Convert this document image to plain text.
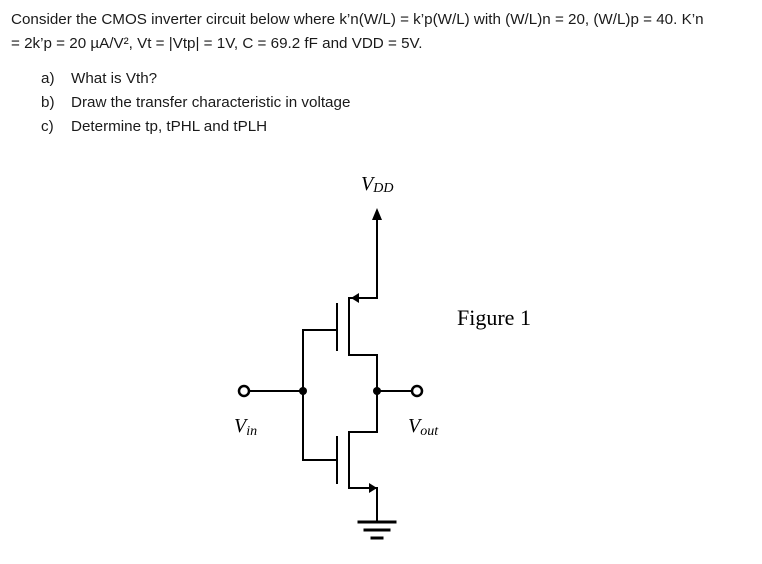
Consider the CMOS inverter circuit below where k’n(W/L) = k’p(W/L) with (W/L)n = 20, (W/L)p = 40. K’n

= 2k’p = 20 µA/V², Vt = |Vtp| = 1V, C = 69.2 fF and VDD = 5V.

a)	What is Vth?
b)	Draw the transfer characteristic in voltage
c)	Determine tp, tPHL and tPLH
VDD
Vin	Vout
Figure 1
